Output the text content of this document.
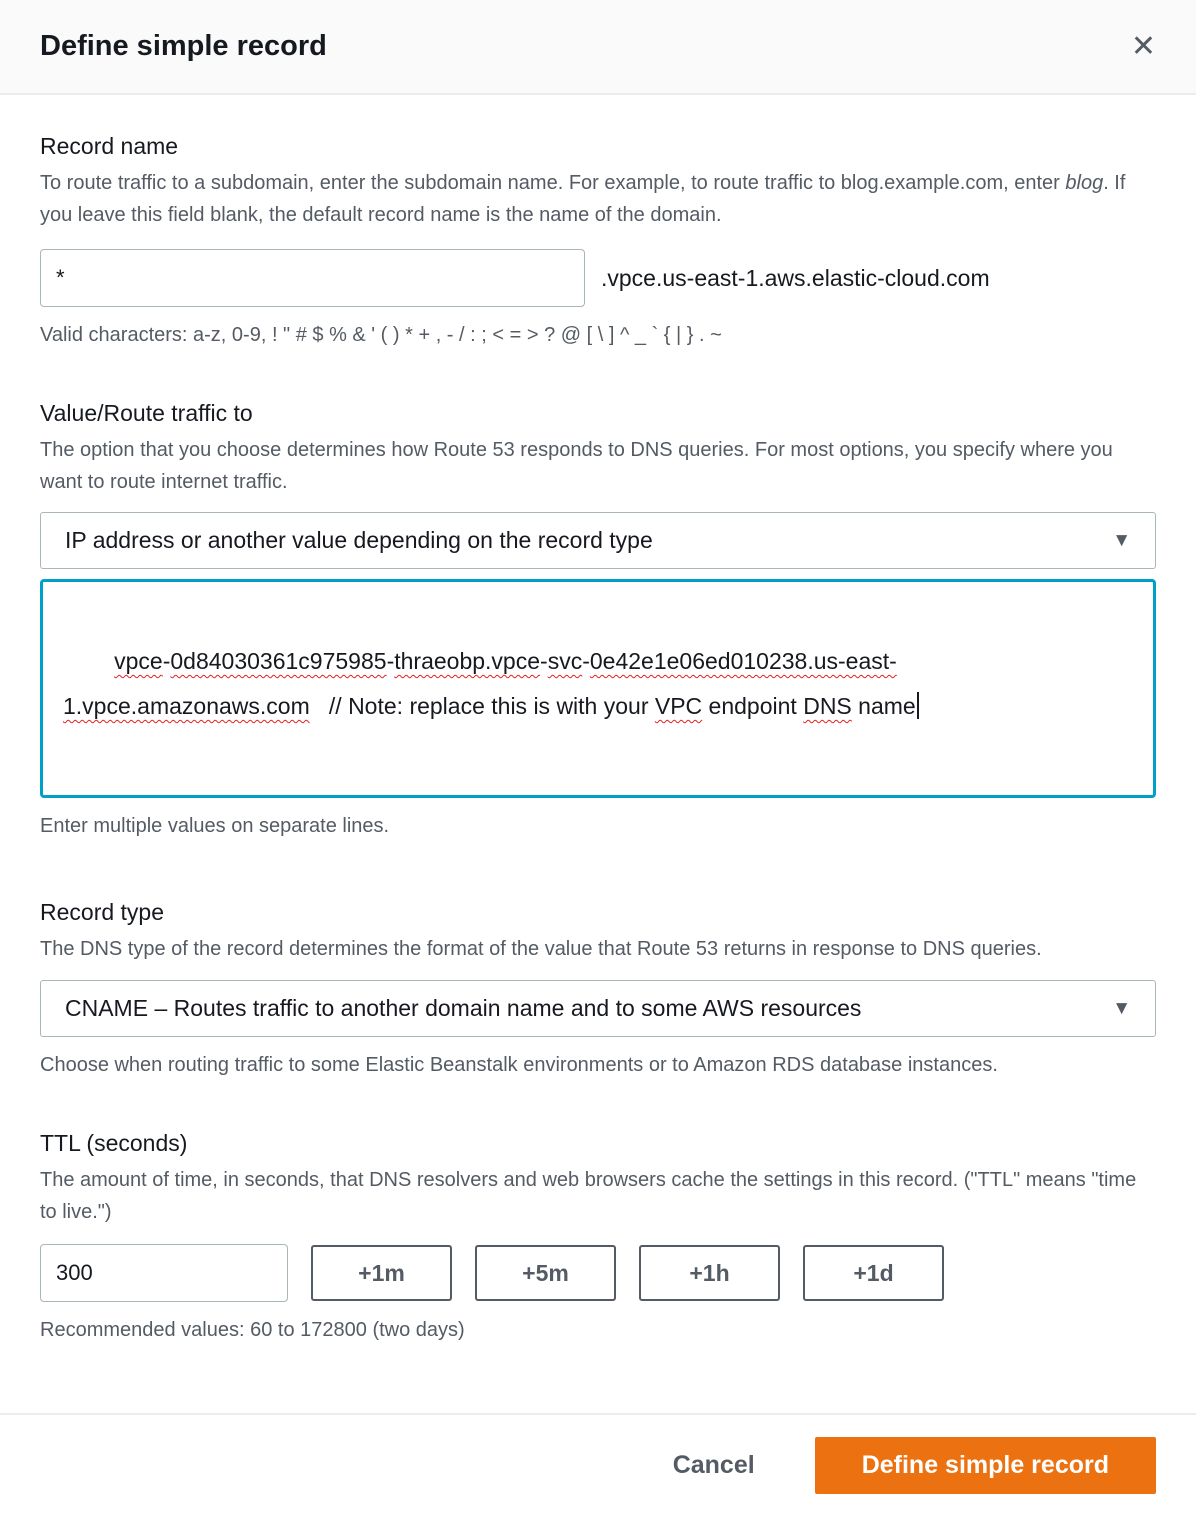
Define simple record	✕
Record name

To route traffic to a subdomain, enter the subdomain name. For example, to route traffic to blog.example.com, enter blog. If you leave this field blank, the default record name is the name of the domain.

*
.vpce.us-east-1.aws.elastic-cloud.com
Valid characters: a-z, 0-9, ! " # $ % & ' ( ) * + , - / : ; < = > ? @ [ \ ] ^ _ ` { | } . ~
Value/Route traffic to

The option that you choose determines how Route 53 responds to DNS queries. For most options, you specify where you want to route internet traffic.

IP address or another value depending on the record type	▼

vpce-0d84030361c975985-thraeobp.vpce-svc-0e42e1e06ed010238.us-east-1.vpce.amazonaws.com   // Note: replace this is with your VPC endpoint DNS name

Enter multiple values on separate lines.
Record type

The DNS type of the record determines the format of the value that Route 53 returns in response to DNS queries.

CNAME – Routes traffic to another domain name and to some AWS resources	▼
Choose when routing traffic to some Elastic Beanstalk environments or to Amazon RDS database instances.
TTL (seconds)

The amount of time, in seconds, that DNS resolvers and web browsers cache the settings in this record. ("TTL" means "time to live.")

300
+1m	+5m	+1h	+1d
Recommended values: 60 to 172800 (two days)
Cancel	Define simple record
